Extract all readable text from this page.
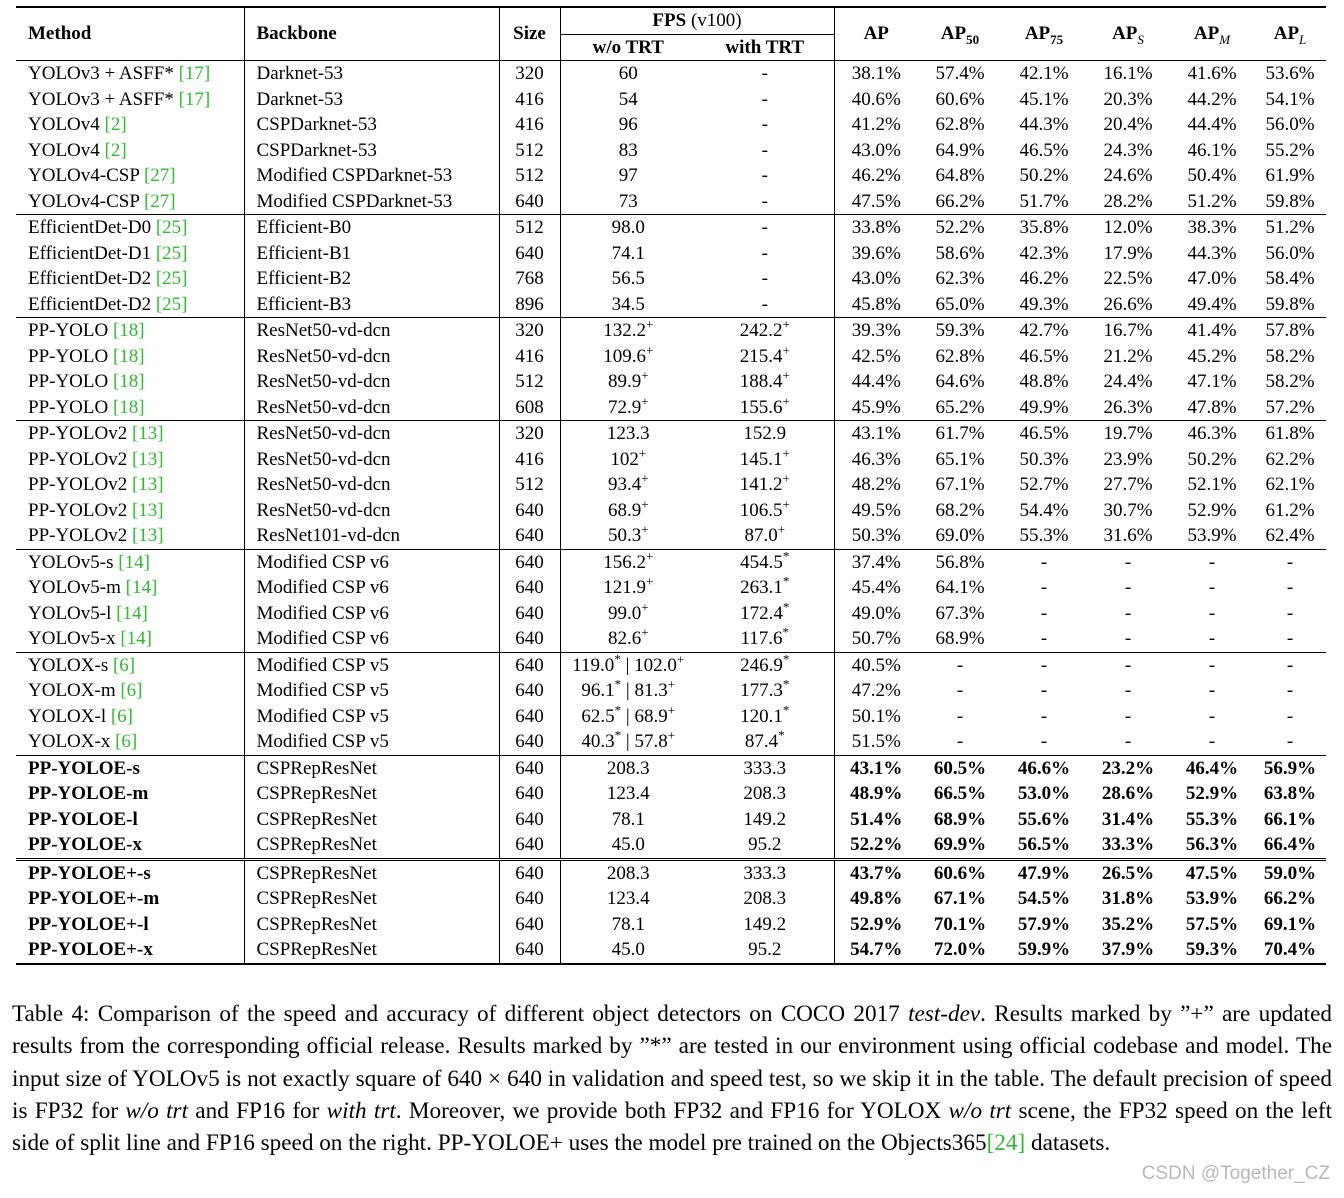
Method	Backbone	Size	FPS (v100)		AP	$AP_{50}$	$AP_{75}$	$AP_S$	$AP_M$	$AP_L$
			w/o TRT	with TRT						
YOLOv3 + ASFF* [17]	Darknet-53	320	60	-	38.1%	57.4%	42.1%	16.1%	41.6%	53.6%
YOLOv3 + ASFF* [17]	Darknet-53	416	54	-	40.6%	60.6%	45.1%	20.3%	44.2%	54.1%
YOLOv4 [2]	CSPDarknet-53	416	96	-	41.2%	62.8%	44.3%	20.4%	44.4%	56.0%
YOLOv4 [2]	CSPDarknet-53	512	83	-	43.0%	64.9%	46.5%	24.3%	46.1%	55.2%
YOLOv4-CSP [27]	Modified CSPDarknet-53	512	97	-	46.2%	64.8%	50.2%	24.6%	50.4%	61.9%
YOLOv4-CSP [27]	Modified CSPDarknet-53	640	73	-	47.5%	66.2%	51.7%	28.2%	51.2%	59.8%
EfficientDet-D0 [25]	Efficient-B0	512	98.0	-	33.8%	52.2%	35.8%	12.0%	38.3%	51.2%
EfficientDet-D1 [25]	Efficient-B1	640	74.1	-	39.6%	58.6%	42.3%	17.9%	44.3%	56.0%
EfficientDet-D2 [25]	Efficient-B2	768	56.5	-	43.0%	62.3%	46.2%	22.5%	47.0%	58.4%
EfficientDet-D2 [25]	Efficient-B3	896	34.5	-	45.8%	65.0%	49.3%	26.6%	49.4%	59.8%
PP-YOLO [18]	ResNet50-vd-dcn	320	132.2+	242.2+	39.3%	59.3%	42.7%	16.7%	41.4%	57.8%
PP-YOLO [18]	ResNet50-vd-dcn	416	109.6+	215.4+	42.5%	62.8%	46.5%	21.2%	45.2%	58.2%
PP-YOLO [18]	ResNet50-vd-dcn	512	89.9+	188.4+	44.4%	64.6%	48.8%	24.4%	47.1%	58.2%
PP-YOLO [18]	ResNet50-vd-dcn	608	72.9+	155.6+	45.9%	65.2%	49.9%	26.3%	47.8%	57.2%
PP-YOLOv2 [13]	ResNet50-vd-dcn	320	123.3	152.9	43.1%	61.7%	46.5%	19.7%	46.3%	61.8%
PP-YOLOv2 [13]	ResNet50-vd-dcn	416	102+	145.1+	46.3%	65.1%	50.3%	23.9%	50.2%	62.2%
PP-YOLOv2 [13]	ResNet50-vd-dcn	512	93.4+	141.2+	48.2%	67.1%	52.7%	27.7%	52.1%	62.1%
PP-YOLOv2 [13]	ResNet50-vd-dcn	640	68.9+	106.5+	49.5%	68.2%	54.4%	30.7%	52.9%	61.2%
PP-YOLOv2 [13]	ResNet101-vd-dcn	640	50.3+	87.0+	50.3%	69.0%	55.3%	31.6%	53.9%	62.4%
YOLOv5-s [14]	Modified CSP v6	640	156.2+	454.5*	37.4%	56.8%	-	-	-	-
YOLOv5-m [14]	Modified CSP v6	640	121.9+	263.1*	45.4%	64.1%	-	-	-	-
YOLOv5-l [14]	Modified CSP v6	640	99.0+	172.4*	49.0%	67.3%	-	-	-	-
YOLOv5-x [14]	Modified CSP v6	640	82.6+	117.6*	50.7%	68.9%	-	-	-	-
YOLOX-s [6]	Modified CSP v5	640	119.0* | 102.0+	246.9*	40.5%	-	-	-	-	-
YOLOX-m [6]	Modified CSP v5	640	96.1* | 81.3+	177.3*	47.2%	-	-	-	-	-
YOLOX-l [6]	Modified CSP v5	640	62.5* | 68.9+	120.1*	50.1%	-	-	-	-	-
YOLOX-x [6]	Modified CSP v5	640	40.3* | 57.8+	87.4*	51.5%	-	-	-	-	-
PP-YOLOE-s	CSPRepResNet	640	208.3	333.3	43.1%	60.5%	46.6%	23.2%	46.4%	56.9%
PP-YOLOE-m	CSPRepResNet	640	123.4	208.3	48.9%	66.5%	53.0%	28.6%	52.9%	63.8%
PP-YOLOE-l	CSPRepResNet	640	78.1	149.2	51.4%	68.9%	55.6%	31.4%	55.3%	66.1%
PP-YOLOE-x	CSPRepResNet	640	45.0	95.2	52.2%	69.9%	56.5%	33.3%	56.3%	66.4%
PP-YOLOE+-s	CSPRepResNet	640	208.3	333.3	43.7%	60.6%	47.9%	26.5%	47.5%	59.0%
PP-YOLOE+-m	CSPRepResNet	640	123.4	208.3	49.8%	67.1%	54.5%	31.8%	53.9%	66.2%
PP-YOLOE+-l	CSPRepResNet	640	78.1	149.2	52.9%	70.1%	57.9%	35.2%	57.5%	69.1%
PP-YOLOE+-x	CSPRepResNet	640	45.0	95.2	54.7%	72.0%	59.9%	37.9%	59.3%	70.4%

Table 4: Comparison of the speed and accuracy of different object detectors on COCO 2017 test-dev. Results marked by ”+” are updated results from the corresponding official release. Results marked by ”*” are tested in our environment using official codebase and model. The input size of YOLOv5 is not exactly square of 640 × 640 in validation and speed test, so we skip it in the table. The default precision of speed is FP32 for w/o trt and FP16 for with trt. Moreover, we provide both FP32 and FP16 for YOLOX w/o trt scene, the FP32 speed on the left side of split line and FP16 speed on the right. PP-YOLOE+ uses the model pre trained on the Objects365[24] datasets.

CSDN @Together_CZ
